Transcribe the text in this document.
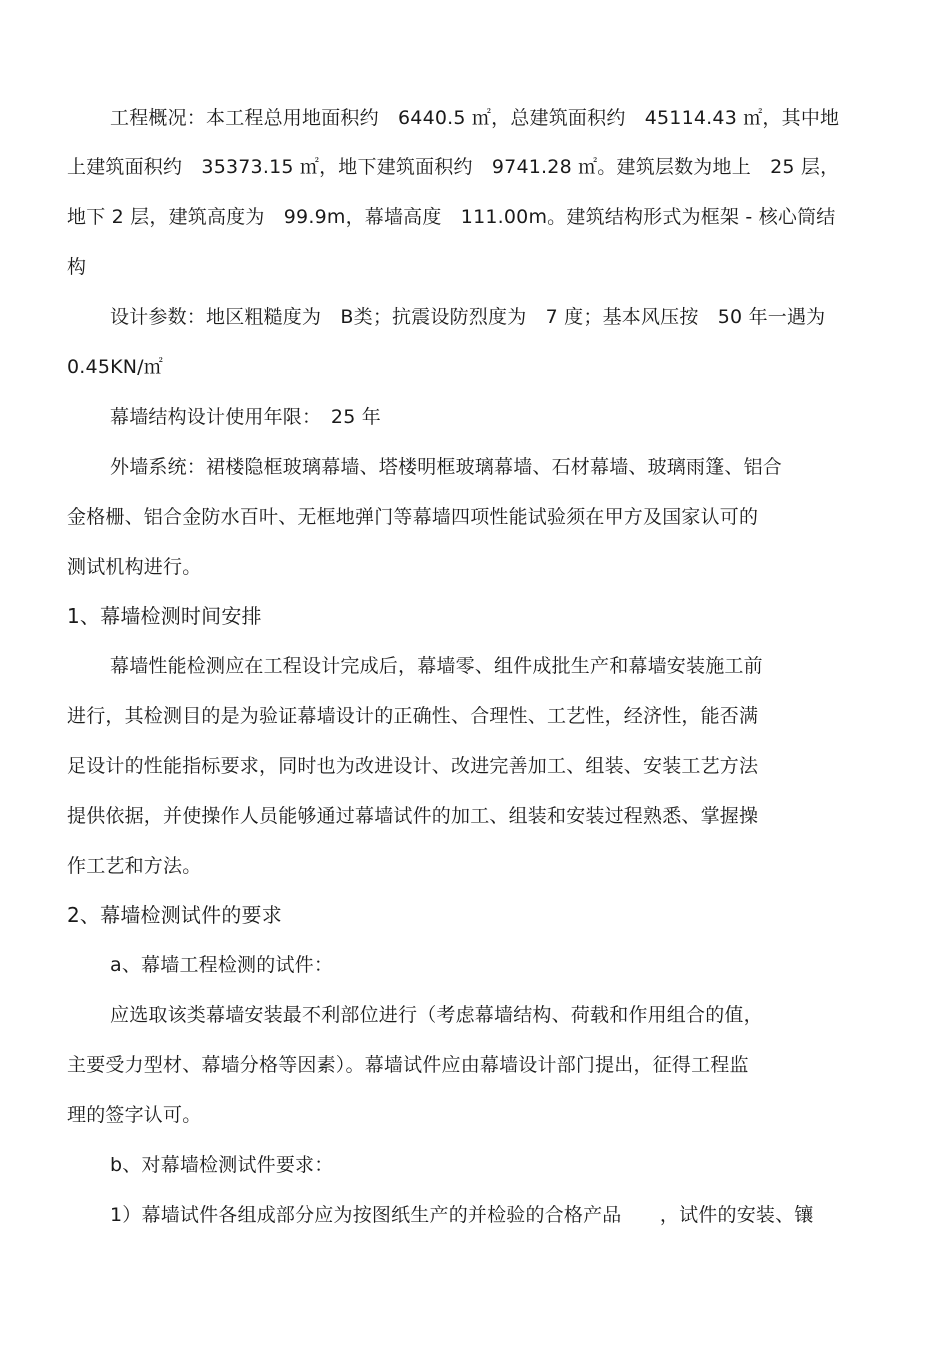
工程概况：本工程总用地面积约　6440.5 ㎡，总建筑面积约　45114.43 ㎡，其中地
上建筑面积约　35373.15 ㎡，地下建筑面积约　9741.28 ㎡。建筑层数为地上　25 层，
地下 2 层，建筑高度为　99.9m，幕墙高度　111.00m。建筑结构形式为框架 - 核心筒结
构
设计参数：地区粗糙度为　B类；抗震设防烈度为　7 度；基本风压按　50 年一遇为
0.45KN/㎡
幕墙结构设计使用年限：　25 年
外墙系统：裙楼隐框玻璃幕墙、塔楼明框玻璃幕墙、石材幕墙、玻璃雨篷、铝合
金格栅、铝合金防水百叶、无框地弹门等幕墙四项性能试验须在甲方及国家认可的
测试机构进行。
1、幕墙检测时间安排
幕墙性能检测应在工程设计完成后，幕墙零、组件成批生产和幕墙安装施工前
进行，其检测目的是为验证幕墙设计的正确性、合理性、工艺性，经济性，能否满
足设计的性能指标要求，同时也为改进设计、改进完善加工、组装、安装工艺方法
提供依据，并使操作人员能够通过幕墙试件的加工、组装和安装过程熟悉、掌握操
作工艺和方法。
2、幕墙检测试件的要求
a、幕墙工程检测的试件：
应选取该类幕墙安装最不利部位进行（考虑幕墙结构、荷载和作用组合的值，
主要受力型材、幕墙分格等因素）。幕墙试件应由幕墙设计部门提出，征得工程监
理的签字认可。
b、对幕墙检测试件要求：
1）幕墙试件各组成部分应为按图纸生产的并检验的合格产品　　，试件的安装、镶
